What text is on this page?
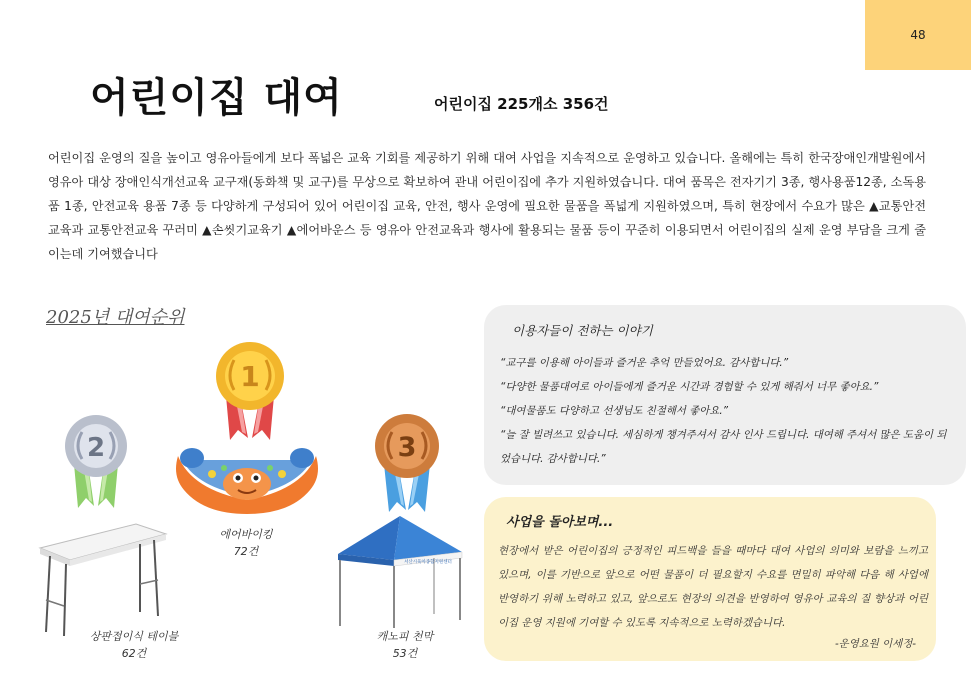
48
어린이집 대여	어린이집 225개소 356건

어린이집 운영의 질을 높이고 영유아들에게 보다 폭넓은 교육 기회를 제공하기 위해 대여 사업을 지속적으로 운영하고 있습니다. 올해에는 특히 한국장애인개발원에서 영유아 대상 장애인식개선교육 교구재(동화책 및 교구)를 무상으로 확보하여 관내 어린이집에 추가 지원하였습니다. 대여 품목은 전자기기 3종, 행사용품12종, 소독용품 1종, 안전교육 용품 7종 등 다양하게 구성되어 있어 어린이집 교육, 안전, 행사 운영에 필요한 물품을 폭넓게 지원하였으며, 특히 현장에서 수요가 많은 ▲교통안전교육과 교통안전교육 꾸러미 ▲손씻기교육기 ▲에어바운스 등 영유아 안전교육과 행사에 활용되는 물품 등이 꾸준히 이용되면서 어린이집의 실제 운영 부담을 크게 줄이는데 기여했습니다

2025년 대여순위
1
2	3
에어바이킹
72건
상판접이식 테이블
62건
서산시육아종합지원센터
캐노피 천막
53건
이용자들이 전하는 이야기
“교구를 이용해 아이들과 즐거운 추억 만들었어요. 감사합니다.”
“다양한 물품대여로 아이들에게 즐거운 시간과 경험할 수 있게 해줘서 너무 좋아요.”
“대여물품도 다양하고 선생님도 친절해서 좋아요.”
“늘 잘 빌려쓰고 있습니다. 세심하게 챙겨주셔서 감사 인사 드립니다. 대여해 주셔서 많은 도움이 되었습니다. 감사합니다.”
사업을 돌아보며...

현장에서 받은 어린이집의 긍정적인 피드백을 들을 때마다 대여 사업의 의미와 보람을 느끼고 있으며, 이를 기반으로 앞으로 어떤 물품이 더 필요할지 수요를 면밀히 파악해 다음 해 사업에 반영하기 위해 노력하고 있고, 앞으로도 현장의 의견을 반영하여 영유아 교육의 질 향상과 어린이집 운영 지원에 기여할 수 있도록 지속적으로 노력하겠습니다.

-운영요원 이세정-
